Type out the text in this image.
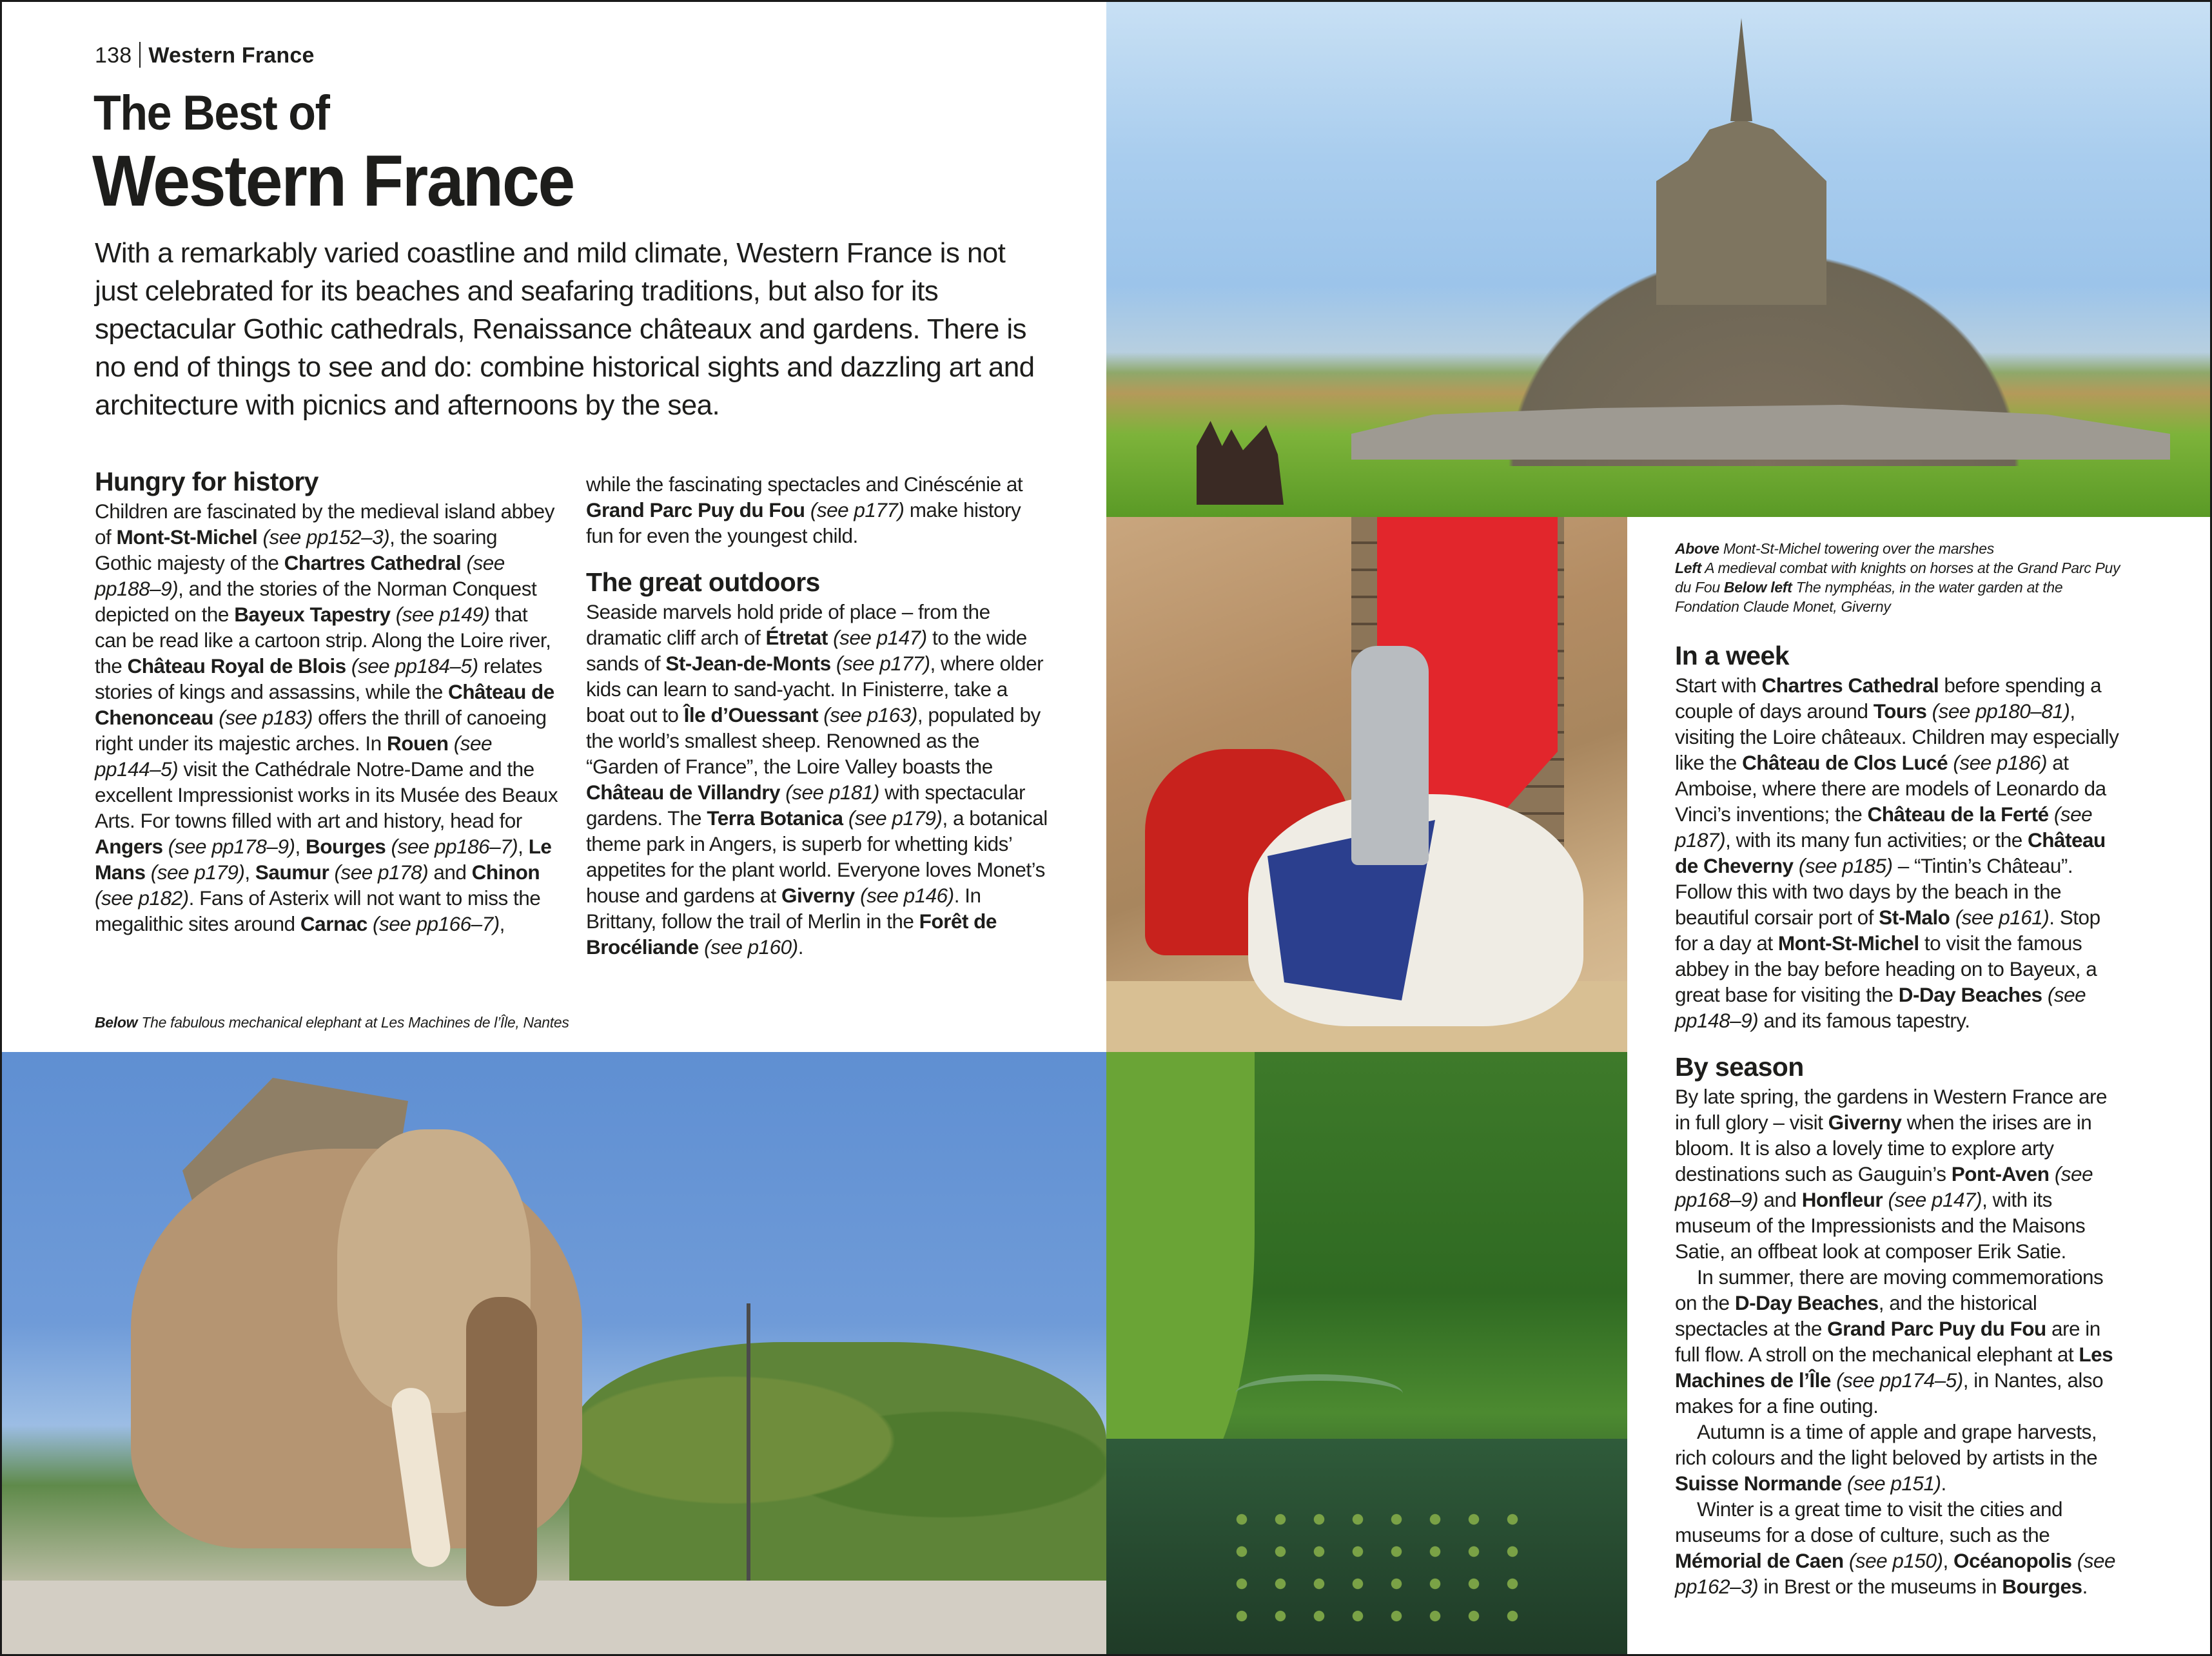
138 Western France
The Best of
Western France
With a remarkably varied coastline and mild climate, Western France is not just celebrated for its beaches and seafaring traditions, but also for its spectacular Gothic cathedrals, Renaissance châteaux and gardens. There is no end of things to see and do: combine historical sights and dazzling art and architecture with picnics and afternoons by the sea.
Hungry for history

Children are fascinated by the medieval island abbey of Mont-St-Michel (see pp152–3), the soaring Gothic majesty of the Chartres Cathedral (see pp188–9), and the stories of the Norman Conquest depicted on the Bayeux Tapestry (see p149) that can be read like a cartoon strip. Along the Loire river, the Château Royal de Blois (see pp184–5) relates stories of kings and assassins, while the Château de Chenonceau (see p183) offers the thrill of canoeing right under its majestic arches. In Rouen (see pp144–5) visit the Cathédrale Notre-Dame and the excellent Impressionist works in its Musée des Beaux Arts. For towns filled with art and history, head for Angers (see pp178–9), Bourges (see pp186–7), Le Mans (see p179), Saumur (see p178) and Chinon (see p182). Fans of Asterix will not want to miss the megalithic sites around Carnac (see pp166–7),

while the fascinating spectacles and Cinéscénie at Grand Parc Puy du Fou (see p177) make history fun for even the youngest child.

The great outdoors

Seaside marvels hold pride of place – from the dramatic cliff arch of Étretat (see p147) to the wide sands of St-Jean-de-Monts (see p177), where older kids can learn to sand-yacht. In Finisterre, take a boat out to Île d’Ouessant (see p163), populated by the world’s smallest sheep. Renowned as the “Garden of France”, the Loire Valley boasts the Château de Villandry (see p181) with spectacular gardens. The Terra Botanica (see p179), a botanical theme park in Angers, is superb for whetting kids’ appetites for the plant world. Everyone loves Monet’s house and gardens at Giverny (see p146). In Brittany, follow the trail of Merlin in the Forêt de Brocéliande (see p160).

Below The fabulous mechanical elephant at Les Machines de l’Île, Nantes
Above Mont-St-Michel towering over the marshes
Left A medieval combat with knights on horses at the Grand Parc Puy du Fou Below left The nymphéas, in the water garden at the Fondation Claude Monet, Giverny
In a week

Start with Chartres Cathedral before spending a couple of days around Tours (see pp180–81), visiting the Loire châteaux. Children may especially like the Château de Clos Lucé (see p186) at Amboise, where there are models of Leonardo da Vinci’s inventions; the Château de la Ferté (see p187), with its many fun activities; or the Château de Cheverny (see p185) – “Tintin’s Château”. Follow this with two days by the beach in the beautiful corsair port of St-Malo (see p161). Stop for a day at Mont-St-Michel to visit the famous abbey in the bay before heading on to Bayeux, a great base for visiting the D-Day Beaches (see pp148–9) and its famous tapestry.

By season

By late spring, the gardens in Western France are in full glory – visit Giverny when the irises are in bloom. It is also a lovely time to explore arty destinations such as Gauguin’s Pont-Aven (see pp168–9) and Honfleur (see p147), with its museum of the Impressionists and the Maisons Satie, an offbeat look at composer Erik Satie.

In summer, there are moving commemorations on the D-Day Beaches, and the historical spectacles at the Grand Parc Puy du Fou are in full flow. A stroll on the mechanical elephant at Les Machines de l’Île (see pp174–5), in Nantes, also makes for a fine outing.

Autumn is a time of apple and grape harvests, rich colours and the light beloved by artists in the Suisse Normande (see p151).

Winter is a great time to visit the cities and museums for a dose of culture, such as the Mémorial de Caen (see p150), Océanopolis (see pp162–3) in Brest or the museums in Bourges.
